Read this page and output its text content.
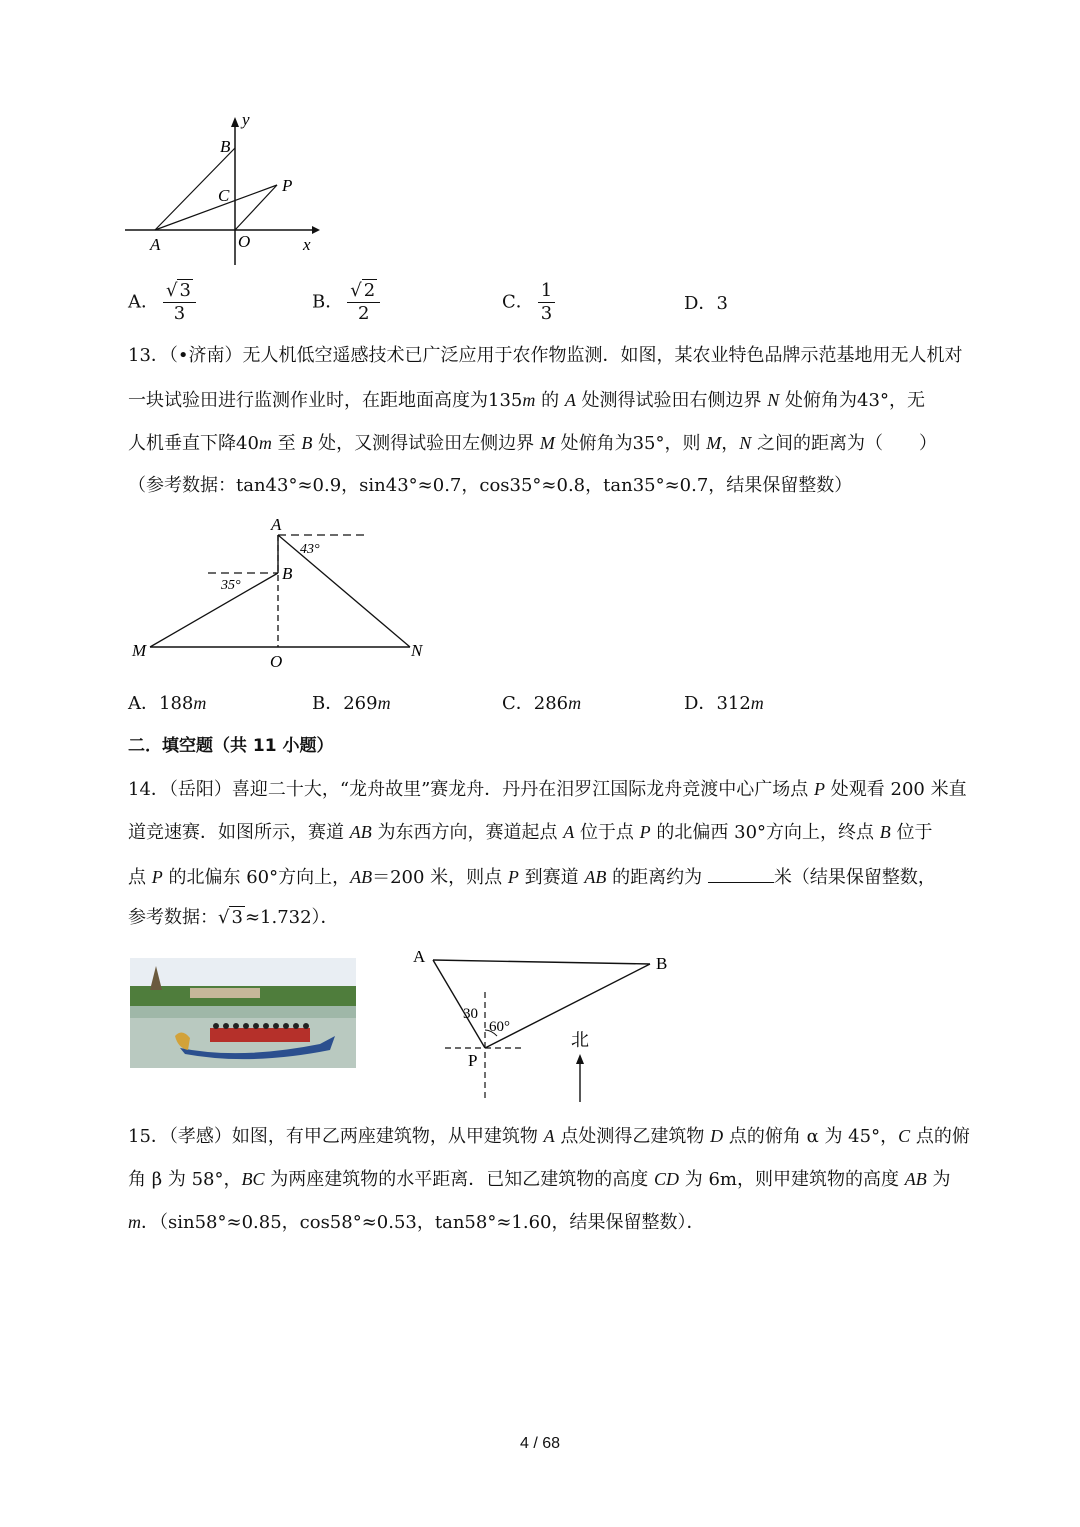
y
B
C
P
A	O	x
A． $\frac{√ 3}{3}$	B． $\frac{√ 2}{2}$	C． $\frac{1}{3}$	D．3
13．（•济南）无人机低空遥感技术已广泛应用于农作物监测．如图，某农业特色品牌示范基地用无人机对
一块试验田进行监测作业时，在距地面高度为135m 的 A 处测得试验田右侧边界 N 处俯角为43°，无
人机垂直下降40m 至 B 处，又测得试验田左侧边界 M 处俯角为35°，则 M，N 之间的距离为（　　）
（参考数据：tan43°≈0.9，sin43°≈0.7，cos35°≈0.8，tan35°≈0.7，结果保留整数）
A
B
M	N
O
43°
35°
A．188m	B．269m	C．286m	D．312m
二．填空题（共 11 小题）
14．（岳阳）喜迎二十大，“龙舟故里”赛龙舟．丹丹在汨罗江国际龙舟竞渡中心广场点 P 处观看 200 米直
道竞速赛．如图所示，赛道 AB 为东西方向，赛道起点 A 位于点 P 的北偏西 30°方向上，终点 B 位于
点 P 的北偏东 60°方向上，AB＝200 米，则点 P 到赛道 AB 的距离约为	米（结果保留整数，
参考数据：√ 3 ≈1.732）．
A	B
P
30
60°
北
15．（孝感）如图，有甲乙两座建筑物，从甲建筑物 A 点处测得乙建筑物 D 点的俯角 α 为 45°，C 点的俯
角 β 为 58°，BC 为两座建筑物的水平距离．已知乙建筑物的高度 CD 为 6m，则甲建筑物的高度 AB 为
m．（sin58°≈0.85，cos58°≈0.53，tan58°≈1.60，结果保留整数）．
4 / 68
